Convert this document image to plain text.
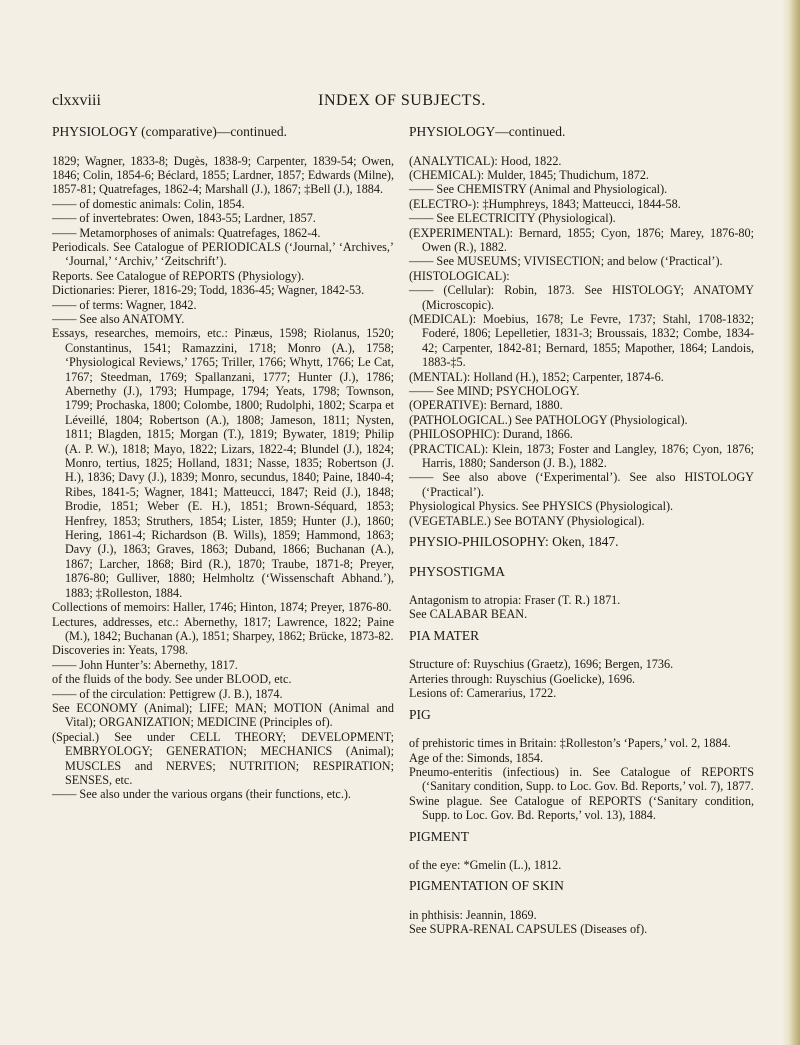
clxxviii	INDEX OF SUBJECTS.

PHYSIOLOGY (comparative)—continued.

1829; Wagner, 1833-8; Dugès, 1838-9; Carpenter, 1839-54; Owen, 1846; Colin, 1854-6; Béclard, 1855; Lardner, 1857; Edwards (Milne), 1857-81; Quatrefages, 1862-4; Marshall (J.), 1867; ‡Bell (J.), 1884.

—— of domestic animals: Colin, 1854.

—— of invertebrates: Owen, 1843-55; Lardner, 1857.

—— Metamorphoses of animals: Quatrefages, 1862-4.

Periodicals. See Catalogue of PERIODICALS (‘Journal,’ ‘Archives,’ ‘Journal,’ ‘Archiv,’ ‘Zeitschrift’).

Reports. See Catalogue of REPORTS (Physiology).

Dictionaries: Pierer, 1816-29; Todd, 1836-45; Wagner, 1842-53.

—— of terms: Wagner, 1842.

—— See also ANATOMY.

Essays, researches, memoirs, etc.: Pinæus, 1598; Riolanus, 1520; Constantinus, 1541; Ramazzini, 1718; Monro (A.), 1758; ‘Physiological Reviews,’ 1765; Triller, 1766; Whytt, 1766; Le Cat, 1767; Steedman, 1769; Spallanzani, 1777; Hunter (J.), 1786; Abernethy (J.), 1793; Humpage, 1794; Yeats, 1798; Townson, 1799; Prochaska, 1800; Colombe, 1800; Rudolphi, 1802; Scarpa et Léveillé, 1804; Robertson (A.), 1808; Jameson, 1811; Nysten, 1811; Blagden, 1815; Morgan (T.), 1819; Bywater, 1819; Philip (A. P. W.), 1818; Mayo, 1822; Lizars, 1822-4; Blundel (J.), 1824; Monro, tertius, 1825; Holland, 1831; Nasse, 1835; Robertson (J. H.), 1836; Davy (J.), 1839; Monro, secundus, 1840; Paine, 1840-4; Ribes, 1841-5; Wagner, 1841; Matteucci, 1847; Reid (J.), 1848; Brodie, 1851; Weber (E. H.), 1851; Brown-Séquard, 1853; Henfrey, 1853; Struthers, 1854; Lister, 1859; Hunter (J.), 1860; Hering, 1861-4; Richardson (B. Wills), 1859; Hammond, 1863; Davy (J.), 1863; Graves, 1863; Duband, 1866; Buchanan (A.), 1867; Larcher, 1868; Bird (R.), 1870; Traube, 1871-8; Preyer, 1876-80; Gulliver, 1880; Helmholtz (‘Wissenschaft Abhand.’), 1883; ‡Rolleston, 1884.

Collections of memoirs: Haller, 1746; Hinton, 1874; Preyer, 1876-80.

Lectures, addresses, etc.: Abernethy, 1817; Lawrence, 1822; Paine (M.), 1842; Buchanan (A.), 1851; Sharpey, 1862; Brücke, 1873-82.

Discoveries in: Yeats, 1798.

—— John Hunter’s: Abernethy, 1817.

of the fluids of the body. See under BLOOD, etc.

—— of the circulation: Pettigrew (J. B.), 1874.

See ECONOMY (Animal); LIFE; MAN; MOTION (Animal and Vital); ORGANIZATION; MEDICINE (Principles of).

(Special.) See under CELL THEORY; DEVELOPMENT; EMBRYOLOGY; GENERATION; MECHANICS (Animal); MUSCLES and NERVES; NUTRITION; RESPIRATION; SENSES, etc.

—— See also under the various organs (their functions, etc.).

PHYSIOLOGY—continued.

(ANALYTICAL): Hood, 1822.

(CHEMICAL): Mulder, 1845; Thudichum, 1872.

—— See CHEMISTRY (Animal and Physiological).

(ELECTRO-): ‡Humphreys, 1843; Matteucci, 1844-58.

—— See ELECTRICITY (Physiological).

(EXPERIMENTAL): Bernard, 1855; Cyon, 1876; Marey, 1876-80; Owen (R.), 1882.

—— See MUSEUMS; VIVISECTION; and below (‘Practical’).

(HISTOLOGICAL):

—— (Cellular): Robin, 1873. See HISTOLOGY; ANATOMY (Microscopic).

(MEDICAL): Moebius, 1678; Le Fevre, 1737; Stahl, 1708-1832; Foderé, 1806; Lepelletier, 1831-3; Broussais, 1832; Combe, 1834-42; Carpenter, 1842-81; Bernard, 1855; Mapother, 1864; Landois, 1883-‡5.

(MENTAL): Holland (H.), 1852; Carpenter, 1874-6.

—— See MIND; PSYCHOLOGY.

(OPERATIVE): Bernard, 1880.

(PATHOLOGICAL.) See PATHOLOGY (Physiological).

(PHILOSOPHIC): Durand, 1866.

(PRACTICAL): Klein, 1873; Foster and Langley, 1876; Cyon, 1876; Harris, 1880; Sanderson (J. B.), 1882.

—— See also above (‘Experimental’). See also HISTOLOGY (‘Practical’).

Physiological Physics. See PHYSICS (Physiological).

(VEGETABLE.) See BOTANY (Physiological).

PHYSIO-PHILOSOPHY: Oken, 1847.

PHYSOSTIGMA

Antagonism to atropia: Fraser (T. R.) 1871.

See CALABAR BEAN.

PIA MATER

Structure of: Ruyschius (Graetz), 1696; Bergen, 1736.

Arteries through: Ruyschius (Goelicke), 1696.

Lesions of: Camerarius, 1722.

PIG

of prehistoric times in Britain: ‡Rolleston’s ‘Papers,’ vol. 2, 1884.

Age of the: Simonds, 1854.

Pneumo-enteritis (infectious) in. See Catalogue of REPORTS (‘Sanitary condition, Supp. to Loc. Gov. Bd. Reports,’ vol. 7), 1877.

Swine plague. See Catalogue of REPORTS (‘Sanitary condition, Supp. to Loc. Gov. Bd. Reports,’ vol. 13), 1884.

PIGMENT

of the eye: *Gmelin (L.), 1812.

PIGMENTATION OF SKIN

in phthisis: Jeannin, 1869.

See SUPRA-RENAL CAPSULES (Diseases of).
